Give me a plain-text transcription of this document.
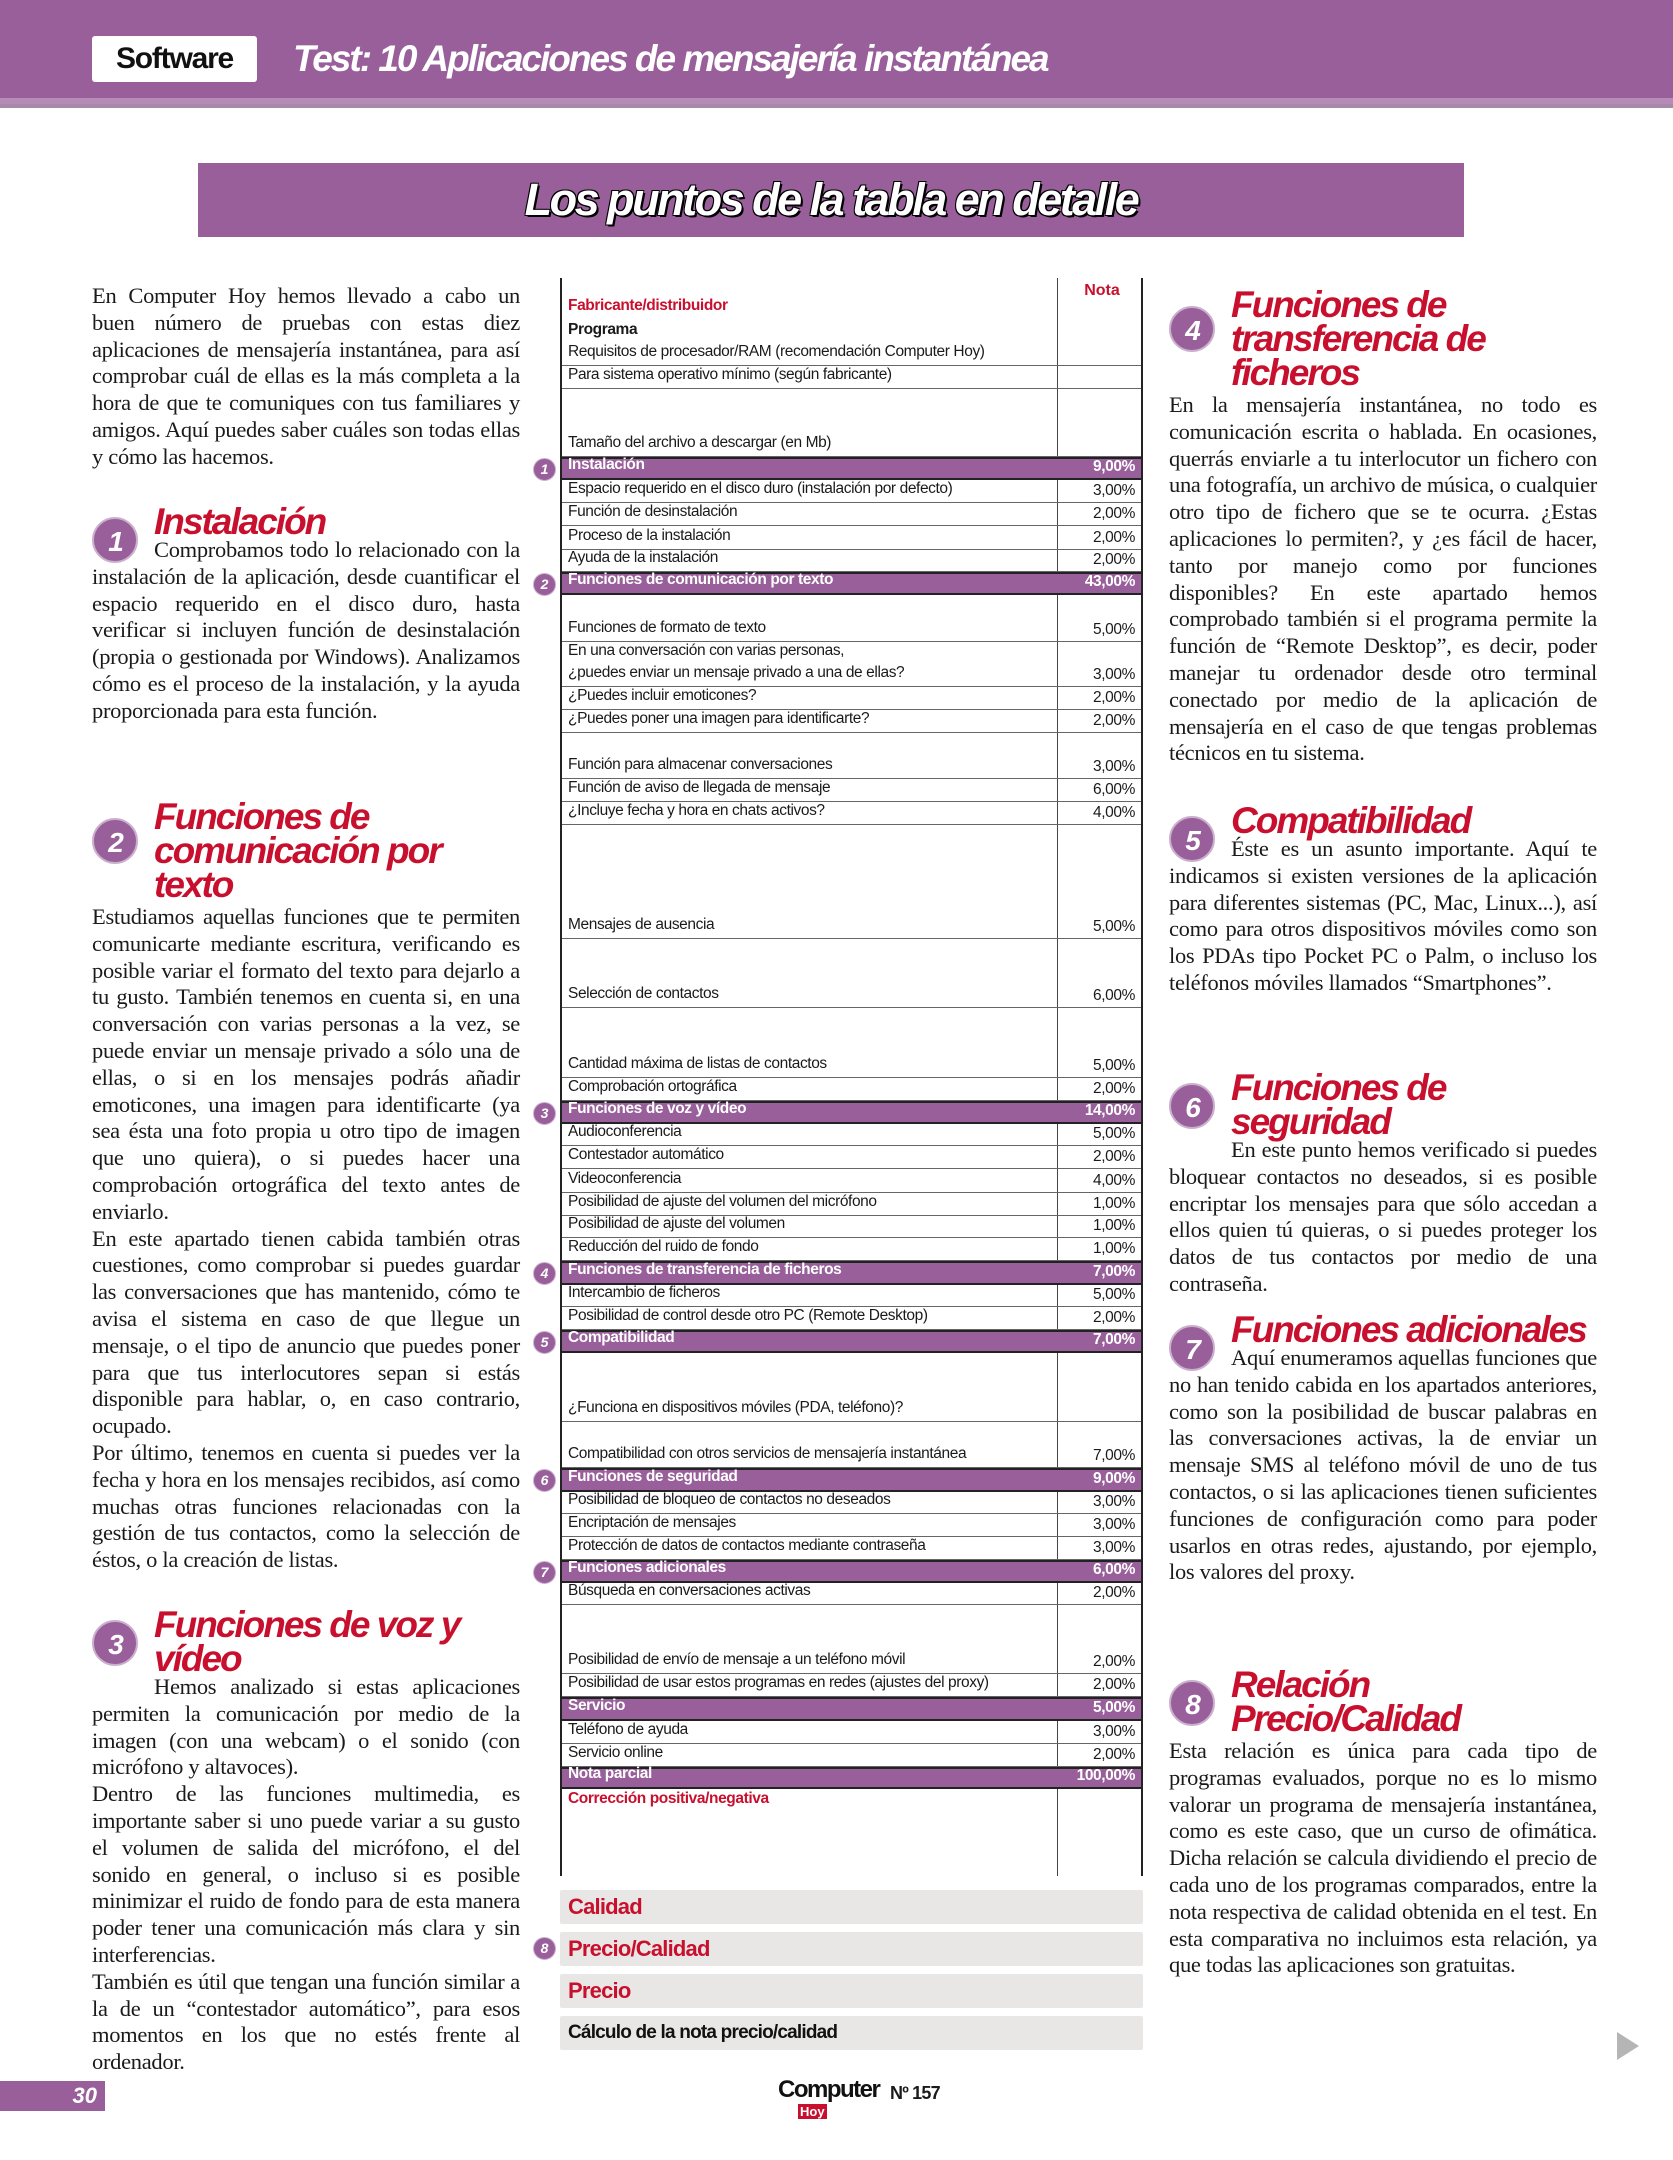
Software	Test: 10 Aplicaciones de mensajería instantánea
Los puntos de la tabla en detalle
En Computer Hoy hemos llevado a cabo un buen número de pruebas con estas diez aplicaciones de mensajería instantánea, para así comprobar cuál de ellas es la más completa a la hora de que te comuniques con tus familiares y amigos. Aquí puedes saber cuáles son todas ellas y cómo las hacemos.
1 Instalación

Comprobamos todo lo relacionado con la instalación de la aplicación, desde cuantificar el espacio requerido en el disco duro, hasta verificar si incluyen función de desinstalación (propia o gestionada por Windows). Analizamos cómo es el proceso de la instalación, y la ayuda proporcionada para esta función.

2
Funciones de comunicación por texto

Estudiamos aquellas funciones que te permiten comunicarte mediante escritura, verificando es posible variar el formato del texto para dejarlo a tu gusto. También tenemos en cuenta si, en una conversación con varias personas a la vez, se puede enviar un mensaje privado a sólo una de ellas, o si en los mensajes podrás añadir emoticones, una imagen para identificarte (ya sea ésta una foto propia u otro tipo de imagen que uno quiera), o si puedes hacer una comprobación ortográfica del texto antes de enviarlo.

En este apartado tienen cabida también otras cuestiones, como comprobar si puedes guardar las conversaciones que has mantenido, cómo te avisa el sistema en caso de que llegue un mensaje, o el tipo de anuncio que puedes poner para que tus interlocutores sepan si estás disponible para hablar, o, en caso contrario, ocupado.

Por último, tenemos en cuenta si puedes ver la fecha y hora en los mensajes recibidos, así como muchas otras funciones relacionadas con la gestión de tus contactos, como la selección de éstos, o la creación de listas.

3 Funciones de voz y vídeo

Hemos analizado si estas aplicaciones permiten la comunicación por medio de la imagen (con una webcam) o el sonido (con micrófono y altavoces).

Dentro de las funciones multimedia, es importante saber si uno puede variar a su gusto el volumen de salida del micrófono, el del sonido en general, o incluso si es posible minimizar el ruido de fondo para de esta manera poder tener una comunicación más clara y sin interferencias.

También es útil que tengan una función similar a la de un “contestador automático”, para esos momentos en los que no estés frente al ordenador.

4
Funciones de transferencia de ficheros

En la mensajería instantánea, no todo es comunicación escrita o hablada. En ocasiones, querrás enviarle a tu interlocutor un fichero con una fotografía, un archivo de música, o cualquier otro tipo de fichero que se te ocurra. ¿Estas aplicaciones lo permiten?, y ¿es fácil de hacer, tanto por manejo como por funciones disponibles? En este apartado hemos comprobado también si el programa permite la función de “Remote Desktop”, es decir, poder manejar tu ordenador desde otro terminal conectado por medio de la aplicación de mensajería en el caso de que tengas problemas técnicos en tu sistema.

5 Compatibilidad

Éste es un asunto importante. Aquí te indicamos si existen versiones de la aplicación para diferentes sistemas (PC, Mac, Linux...), así como para otros dispositivos móviles como son los PDAs tipo Pocket PC o Palm, o incluso los teléfonos móviles llamados “Smartphones”.

6 Funciones de seguridad

En este punto hemos verificado si puedes bloquear contactos no deseados, si es posible encriptar los mensajes para que sólo accedan a ellos quien tú quieras, o si puedes proteger los datos de tus contactos por medio de una contraseña.

7 Funciones adicionales

Aquí enumeramos aquellas funciones que no han tenido cabida en los apartados anteriores, como son la posibilidad de buscar palabras en las conversaciones activas, la de enviar un mensaje SMS al teléfono móvil de uno de tus contactos, o si las aplicaciones tienen suficientes funciones de configuración como para poder usarlos en otras redes, ajustando, por ejemplo, los valores del proxy.

8 Relación Precio/Calidad

Esta relación es única para cada tipo de programas evaluados, porque no es lo mismo valorar un programa de mensajería instantánea, como es este caso, que un curso de ofimática. Dicha relación se calcula dividiendo el precio de cada uno de los programas comparados, entre la nota respectiva de calidad obtenida en el test. En esta comparativa no incluimos esta relación, ya que todas las aplicaciones son gratuitas.

Nota
Fabricante/distribuidor
Programa
Requisitos de procesador/RAM (recomendación Computer Hoy)
Para sistema operativo mínimo (según fabricante)
Tamaño del archivo a descargar (en Mb)
Instalación	9,00%
Espacio requerido en el disco duro (instalación por defecto)	3,00%
Función de desinstalación	2,00%
Proceso de la instalación	2,00%
Ayuda de la instalación	2,00%
Funciones de comunicación por texto	43,00%
Funciones de formato de texto	5,00%
En una conversación con varias personas,
¿puedes enviar un mensaje privado a una de ellas?	3,00%
¿Puedes incluir emoticones?	2,00%
¿Puedes poner una imagen para identificarte?	2,00%
Función para almacenar conversaciones	3,00%
Función de aviso de llegada de mensaje	6,00%
¿Incluye fecha y hora en chats activos?	4,00%
Mensajes de ausencia	5,00%
Selección de contactos	6,00%
Cantidad máxima de listas de contactos	5,00%
Comprobación ortográfica	2,00%
Funciones de voz y vídeo	14,00%
Audioconferencia	5,00%
Contestador automático	2,00%
Videoconferencia	4,00%
Posibilidad de ajuste del volumen del micrófono	1,00%
Posibilidad de ajuste del volumen	1,00%
Reducción del ruido de fondo	1,00%
Funciones de transferencia de ficheros	7,00%
Intercambio de ficheros	5,00%
Posibilidad de control desde otro PC (Remote Desktop)	2,00%
Compatibilidad	7,00%
¿Funciona en dispositivos móviles (PDA, teléfono)?
Compatibilidad con otros servicios de mensajería instantánea	7,00%
Funciones de seguridad	9,00%
Posibilidad de bloqueo de contactos no deseados	3,00%
Encriptación de mensajes	3,00%
Protección de datos de contactos mediante contraseña	3,00%
Funciones adicionales	6,00%
Búsqueda en conversaciones activas	2,00%
Posibilidad de envío de mensaje a un teléfono móvil	2,00%
Posibilidad de usar estos programas en redes (ajustes del proxy)	2,00%
Servicio	5,00%
Teléfono de ayuda	3,00%
Servicio online	2,00%
Nota parcial	100,00%
Corrección positiva/negativa
1
2
3
4
5
6
7
Calidad
Precio/Calidad
8
Precio
Cálculo de la nota precio/calidad
30	Computer
Hoy
Nº 157
